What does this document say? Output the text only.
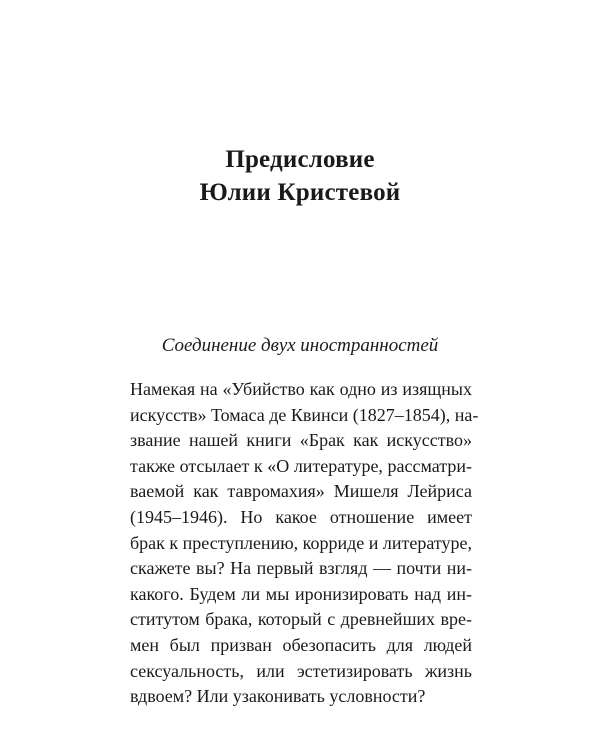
Предисловие
Юлии Кристевой
Соединение двух иностранностей
Намекая на «Убийство как одно из изящных
искусств» Томаса де Квинси (1827–1854), на-
звание нашей книги «Брак как искусство»
также отсылает к «О литературе, рассматри-
ваемой как тавромахия» Мишеля Лейриса
(1945–1946). Но какое отношение имеет
брак к преступлению, корриде и литературе,
скажете вы? На первый взгляд — почти ни-
какого. Будем ли мы иронизировать над ин-
ститутом брака, который с древнейших вре-
мен был призван обезопасить для людей
сексуальность, или эстетизировать жизнь
вдвоем? Или узаконивать условности?
